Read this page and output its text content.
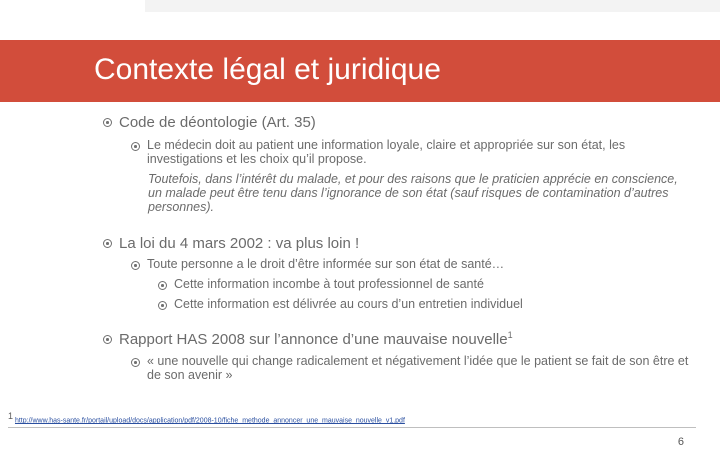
Contexte légal et juridique
Code de déontologie (Art. 35)
Le médecin doit au patient une information loyale, claire et appropriée sur son état, les investigations et les choix qu’il propose.
Toutefois, dans l’intérêt du malade, et pour des raisons que le praticien apprécie en conscience, un malade peut être tenu dans l’ignorance de son état (sauf risques de contamination d’autres personnes).
La loi du 4 mars 2002 : va plus loin !
Toute personne a le droit d’être informée sur son état de santé…
Cette information incombe à tout professionnel de santé
Cette information est délivrée au cours d’un entretien individuel
Rapport HAS 2008 sur l’annonce d’une mauvaise nouvelle$^1$
« une nouvelle qui change radicalement et négativement l’idée que le patient se fait de son être et de son avenir »
$^1$ http://www.has-sante.fr/portail/upload/docs/application/pdf/2008-10/fiche_methode_annoncer_une_mauvaise_nouvelle_v1.pdf
6
